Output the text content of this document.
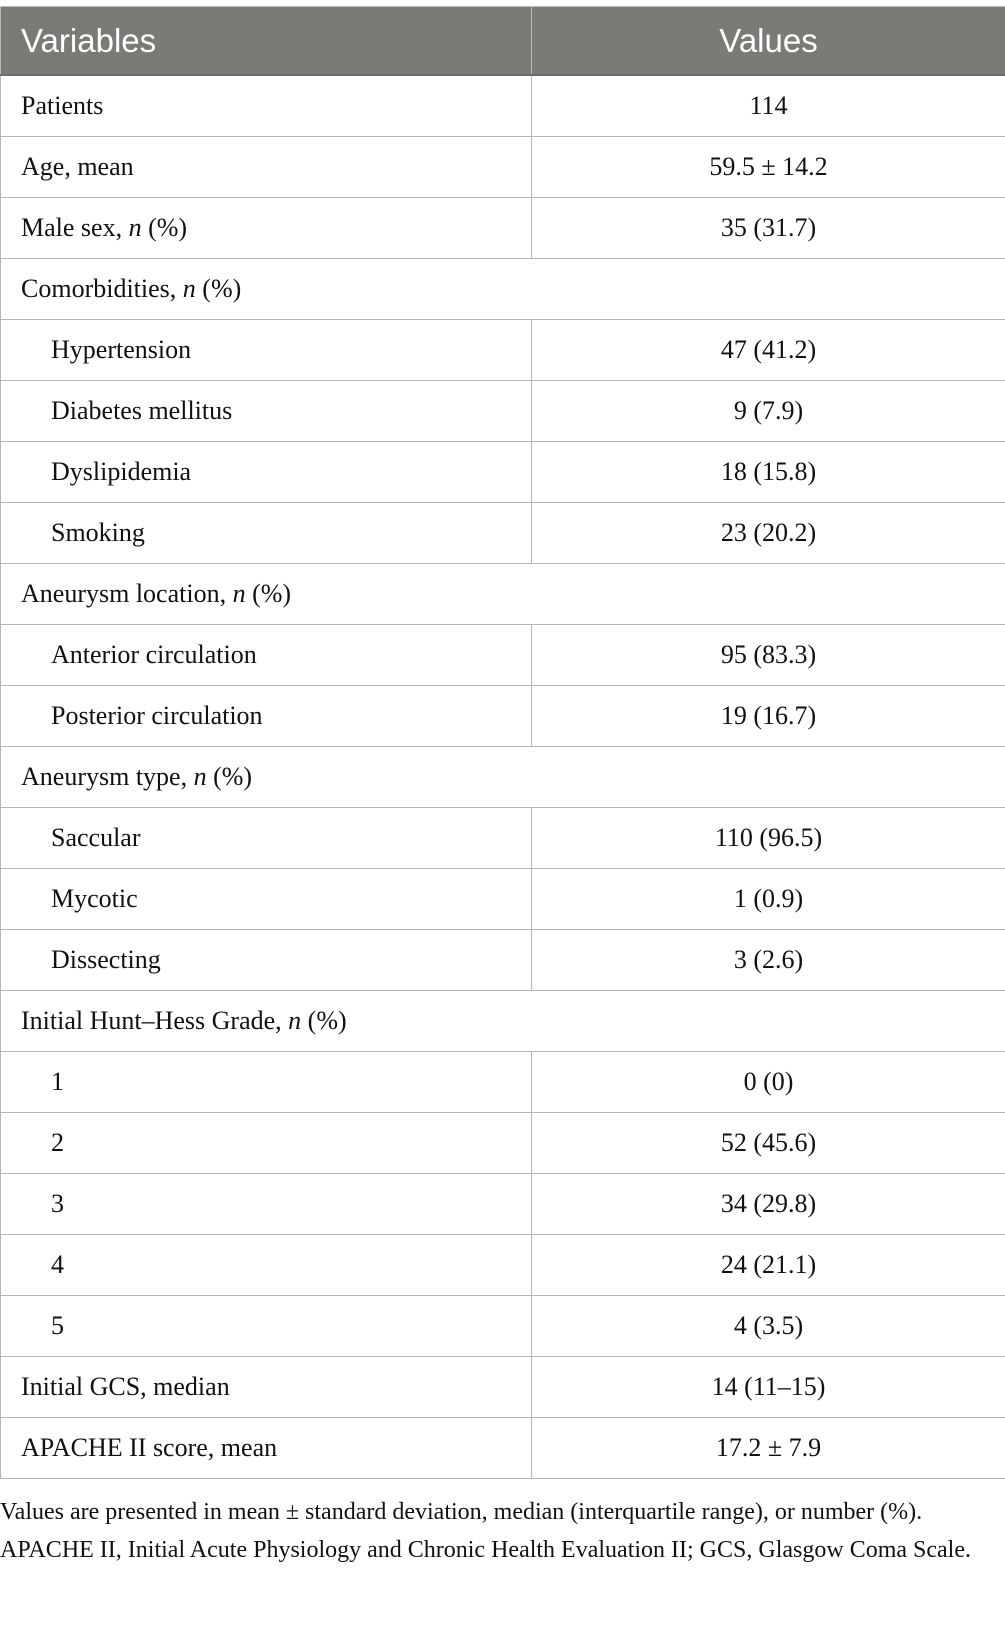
Variables	Values
Patients	114
Age, mean	59.5 ± 14.2
Male sex, n (%)	35 (31.7)
Comorbidities, n (%)	
Hypertension	47 (41.2)
Diabetes mellitus	9 (7.9)
Dyslipidemia	18 (15.8)
Smoking	23 (20.2)
Aneurysm location, n (%)	
Anterior circulation	95 (83.3)
Posterior circulation	19 (16.7)
Aneurysm type, n (%)	
Saccular	110 (96.5)
Mycotic	1 (0.9)
Dissecting	3 (2.6)
Initial Hunt–Hess Grade, n (%)	
1	0 (0)
2	52 (45.6)
3	34 (29.8)
4	24 (21.1)
5	4 (3.5)
Initial GCS, median	14 (11–15)
APACHE II score, mean	17.2 ± 7.9

Values are presented in mean ± standard deviation, median (interquartile range), or number (%).

APACHE II, Initial Acute Physiology and Chronic Health Evaluation II; GCS, Glasgow Coma Scale.
